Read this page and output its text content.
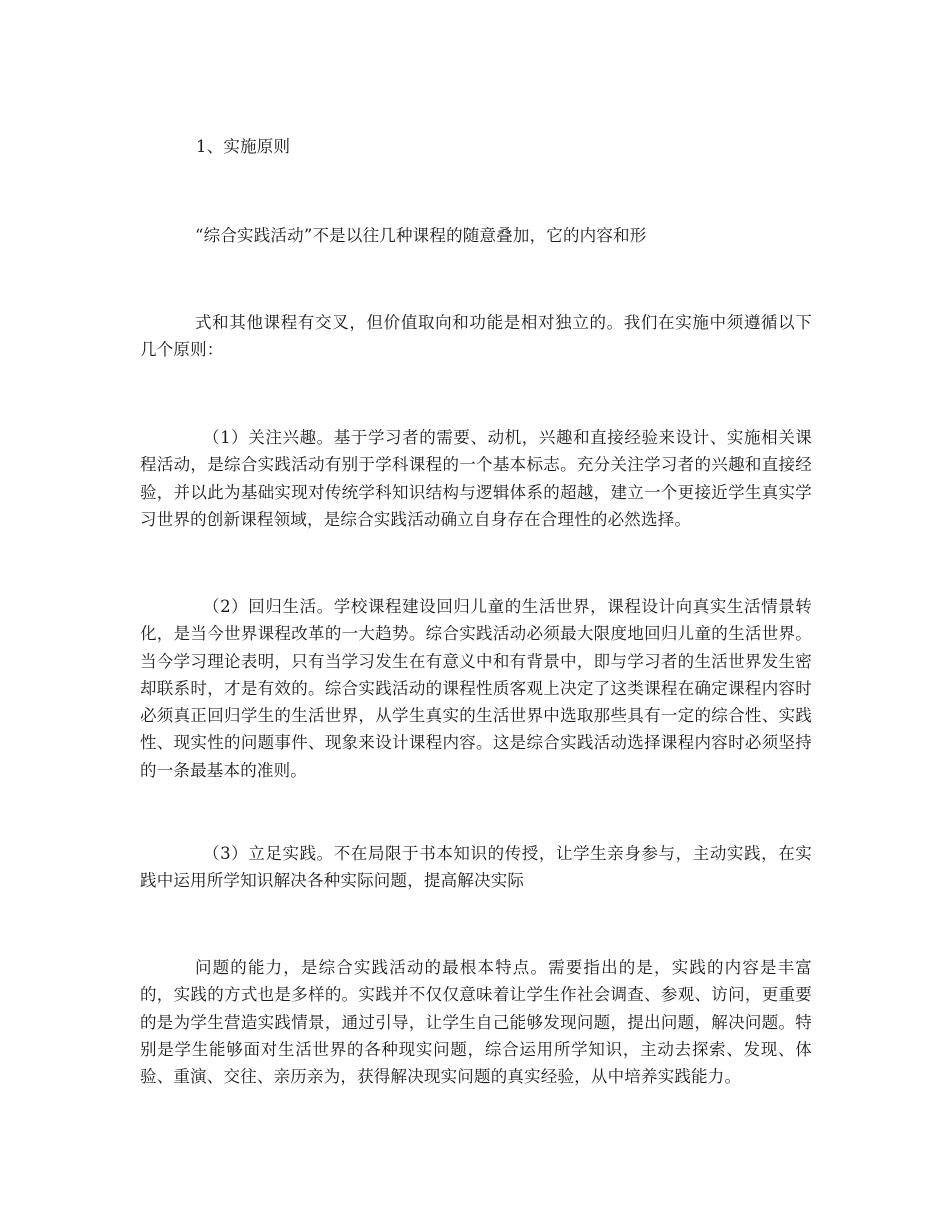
1、实施原则

“综合实践活动”不是以往几种课程的随意叠加，它的内容和形

式和其他课程有交叉，但价值取向和功能是相对独立的。我们在实施中须遵循以下几个原则：

（1）关注兴趣。基于学习者的需要、动机，兴趣和直接经验来设计、实施相关课程活动，是综合实践活动有别于学科课程的一个基本标志。充分关注学习者的兴趣和直接经验，并以此为基础实现对传统学科知识结构与逻辑体系的超越，建立一个更接近学生真实学习世界的创新课程领域，是综合实践活动确立自身存在合理性的必然选择。

（2）回归生活。学校课程建设回归儿童的生活世界，课程设计向真实生活情景转化，是当今世界课程改革的一大趋势。综合实践活动必须最大限度地回归儿童的生活世界。当今学习理论表明，只有当学习发生在有意义中和有背景中，即与学习者的生活世界发生密却联系时，才是有效的。综合实践活动的课程性质客观上决定了这类课程在确定课程内容时必须真正回归学生的生活世界，从学生真实的生活世界中选取那些具有一定的综合性、实践性、现实性的问题事件、现象来设计课程内容。这是综合实践活动选择课程内容时必须坚持的一条最基本的准则。

（3）立足实践。不在局限于书本知识的传授，让学生亲身参与，主动实践，在实践中运用所学知识解决各种实际问题，提高解决实际

问题的能力，是综合实践活动的最根本特点。需要指出的是，实践的内容是丰富的，实践的方式也是多样的。实践并不仅仅意味着让学生作社会调查、参观、访问，更重要的是为学生营造实践情景，通过引导，让学生自己能够发现问题，提出问题，解决问题。特别是学生能够面对生活世界的各种现实问题，综合运用所学知识，主动去探索、发现、体验、重演、交往、亲历亲为，获得解决现实问题的真实经验，从中培养实践能力。
